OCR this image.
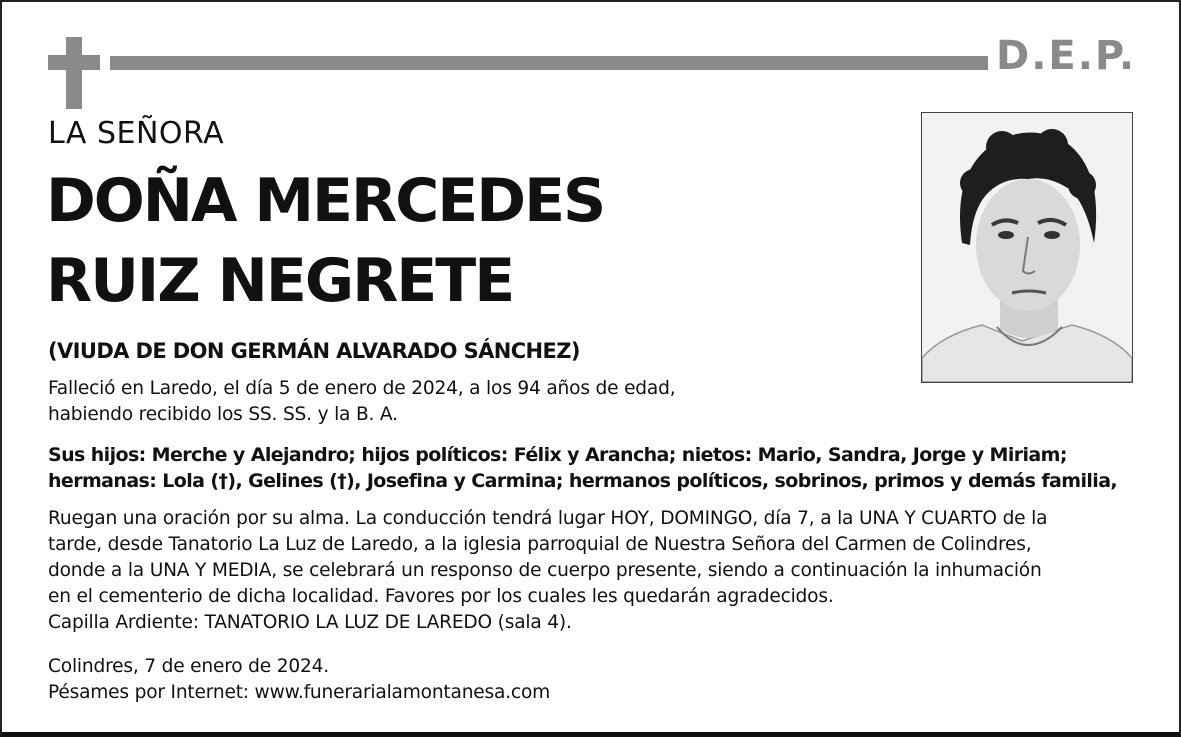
D.E.P.
LA SEÑORA
DOÑA MERCEDES
RUIZ NEGRETE
(VIUDA DE DON GERMÁN ALVARADO SÁNCHEZ)
Falleció en Laredo, el día 5 de enero de 2024, a los 94 años de edad,
habiendo recibido los SS. SS. y la B. A.
Sus hijos: Merche y Alejandro; hijos políticos: Félix y Arancha; nietos: Mario, Sandra, Jorge y Miriam;
hermanas: Lola (†), Gelines (†), Josefina y Carmina; hermanos políticos, sobrinos, primos y demás familia,
Ruegan una oración por su alma. La conducción tendrá lugar HOY, DOMINGO, día 7, a la UNA Y CUARTO de la
tarde, desde Tanatorio La Luz de Laredo, a la iglesia parroquial de Nuestra Señora del Carmen de Colindres,
donde a la UNA Y MEDIA, se celebrará un responso de cuerpo presente, siendo a continuación la inhumación
en el cementerio de dicha localidad. Favores por los cuales les quedarán agradecidos.
Capilla Ardiente: TANATORIO LA LUZ DE LAREDO (sala 4).
Colindres, 7 de enero de 2024.
Pésames por Internet: www.funerarialamontanesa.com
